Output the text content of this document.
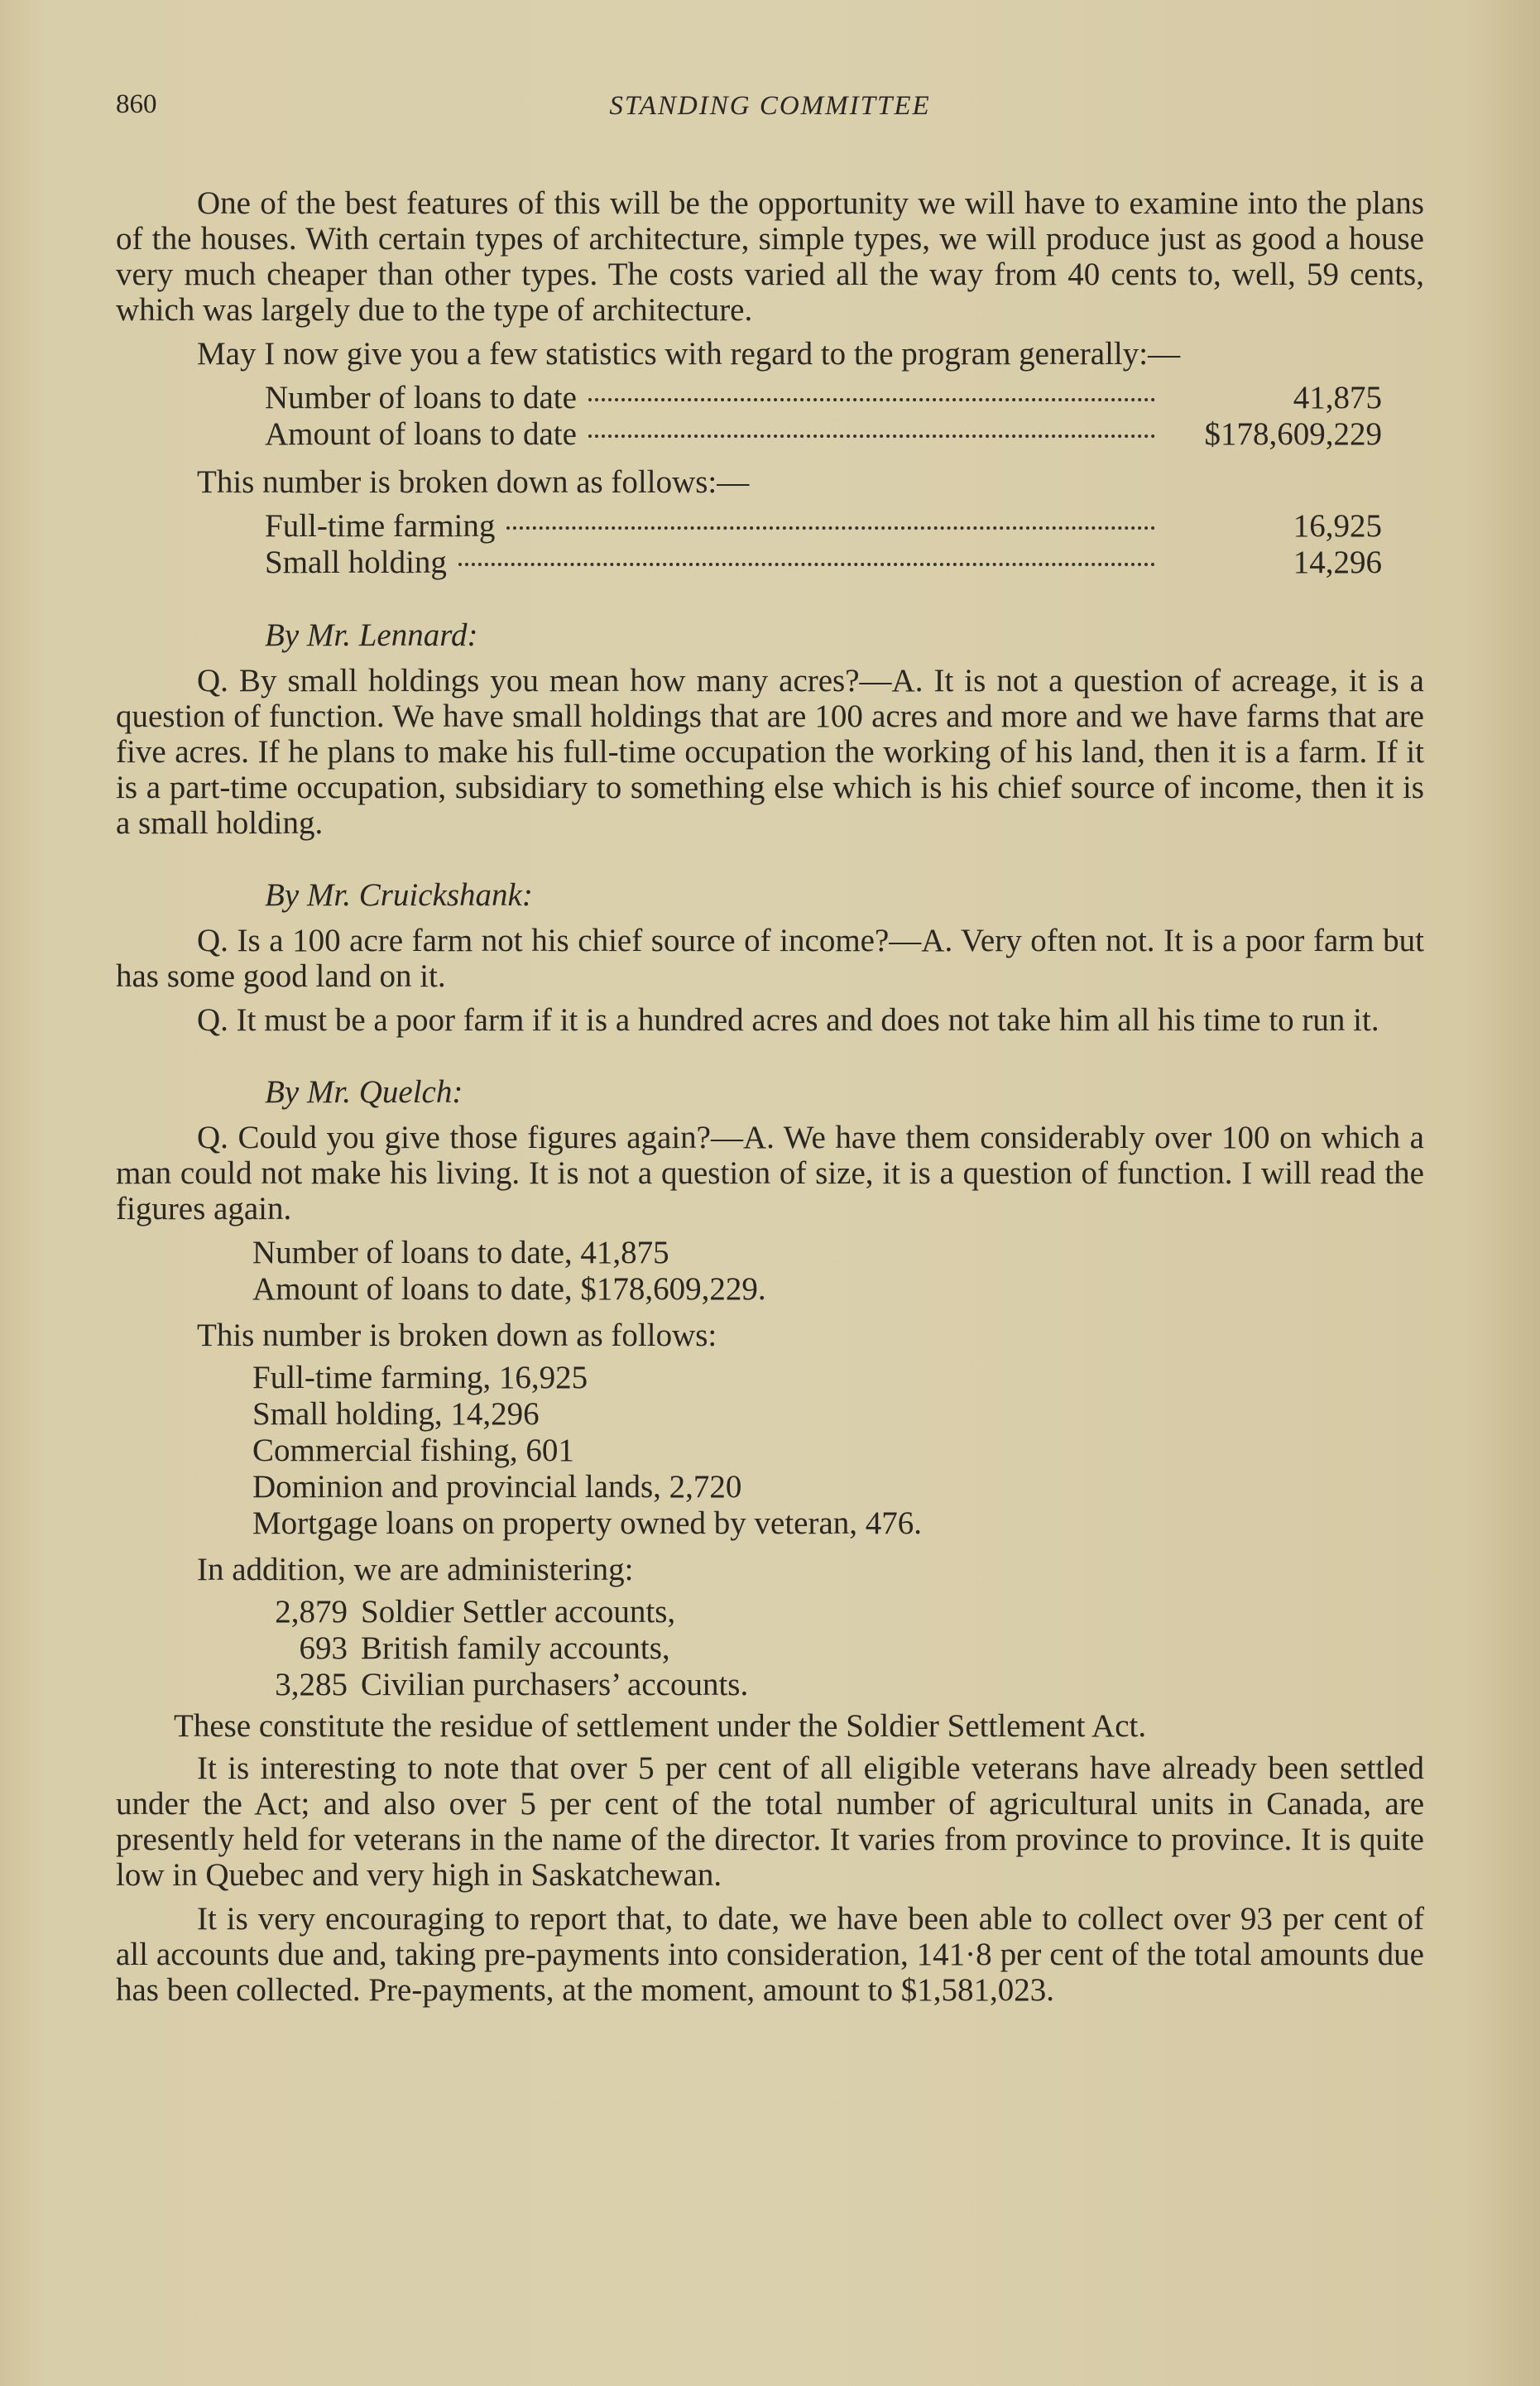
860	STANDING COMMITTEE

One of the best features of this will be the opportunity we will have to examine into the plans of the houses. With certain types of architecture, simple types, we will produce just as good a house very much cheaper than other types. The costs varied all the way from 40 cents to, well, 59 cents, which was largely due to the type of architecture.

May I now give you a few statistics with regard to the program generally:—

Number of loans to date	41,875
Amount of loans to date	$178,609,229

This number is broken down as follows:—

Full-time farming	16,925
Small holding	14,296
By Mr. Lennard:

Q. By small holdings you mean how many acres?—A. It is not a question of acreage, it is a question of function. We have small holdings that are 100 acres and more and we have farms that are five acres. If he plans to make his full-time occupation the working of his land, then it is a farm. If it is a part-time occupation, subsidiary to something else which is his chief source of income, then it is a small holding.

By Mr. Cruickshank:

Q. Is a 100 acre farm not his chief source of income?—A. Very often not. It is a poor farm but has some good land on it.

Q. It must be a poor farm if it is a hundred acres and does not take him all his time to run it.

By Mr. Quelch:

Q. Could you give those figures again?—A. We have them considerably over 100 on which a man could not make his living. It is not a question of size, it is a question of function. I will read the figures again.

Number of loans to date, 41,875
Amount of loans to date, $178,609,229.

This number is broken down as follows:

Full-time farming, 16,925
Small holding, 14,296
Commercial fishing, 601
Dominion and provincial lands, 2,720
Mortgage loans on property owned by veteran, 476.

In addition, we are administering:

2,879 Soldier Settler accounts,
693 British family accounts,
3,285 Civilian purchasers’ accounts.

These constitute the residue of settlement under the Soldier Settlement Act.

It is interesting to note that over 5 per cent of all eligible veterans have already been settled under the Act; and also over 5 per cent of the total number of agricultural units in Canada, are presently held for veterans in the name of the director. It varies from province to province. It is quite low in Quebec and very high in Saskatchewan.

It is very encouraging to report that, to date, we have been able to collect over 93 per cent of all accounts due and, taking pre-payments into consideration, 141·8 per cent of the total amounts due has been collected. Pre-payments, at the moment, amount to $1,581,023.
